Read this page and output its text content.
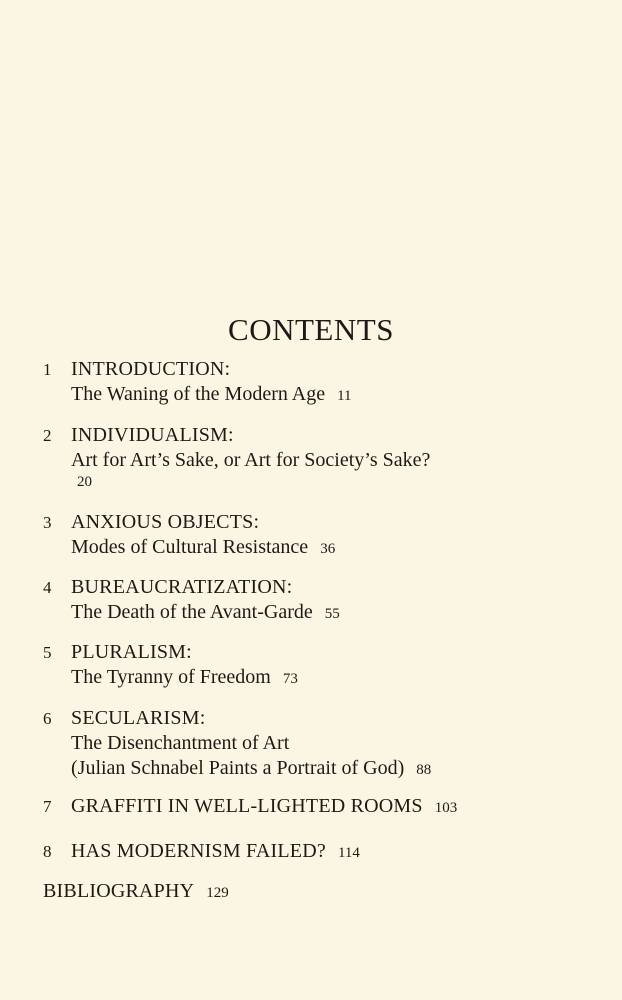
CONTENTS
1 INTRODUCTION:
The Waning of the Modern Age 11
2 INDIVIDUALISM:
Art for Art’s Sake, or Art for Society’s Sake?
20
3 ANXIOUS OBJECTS:
Modes of Cultural Resistance 36
4 BUREAUCRATIZATION:
The Death of the Avant-Garde 55
5 PLURALISM:
The Tyranny of Freedom 73
6 SECULARISM:
The Disenchantment of Art
(Julian Schnabel Paints a Portrait of God) 88
7 GRAFFITI IN WELL-LIGHTED ROOMS 103
8 HAS MODERNISM FAILED? 114
BIBLIOGRAPHY 129
